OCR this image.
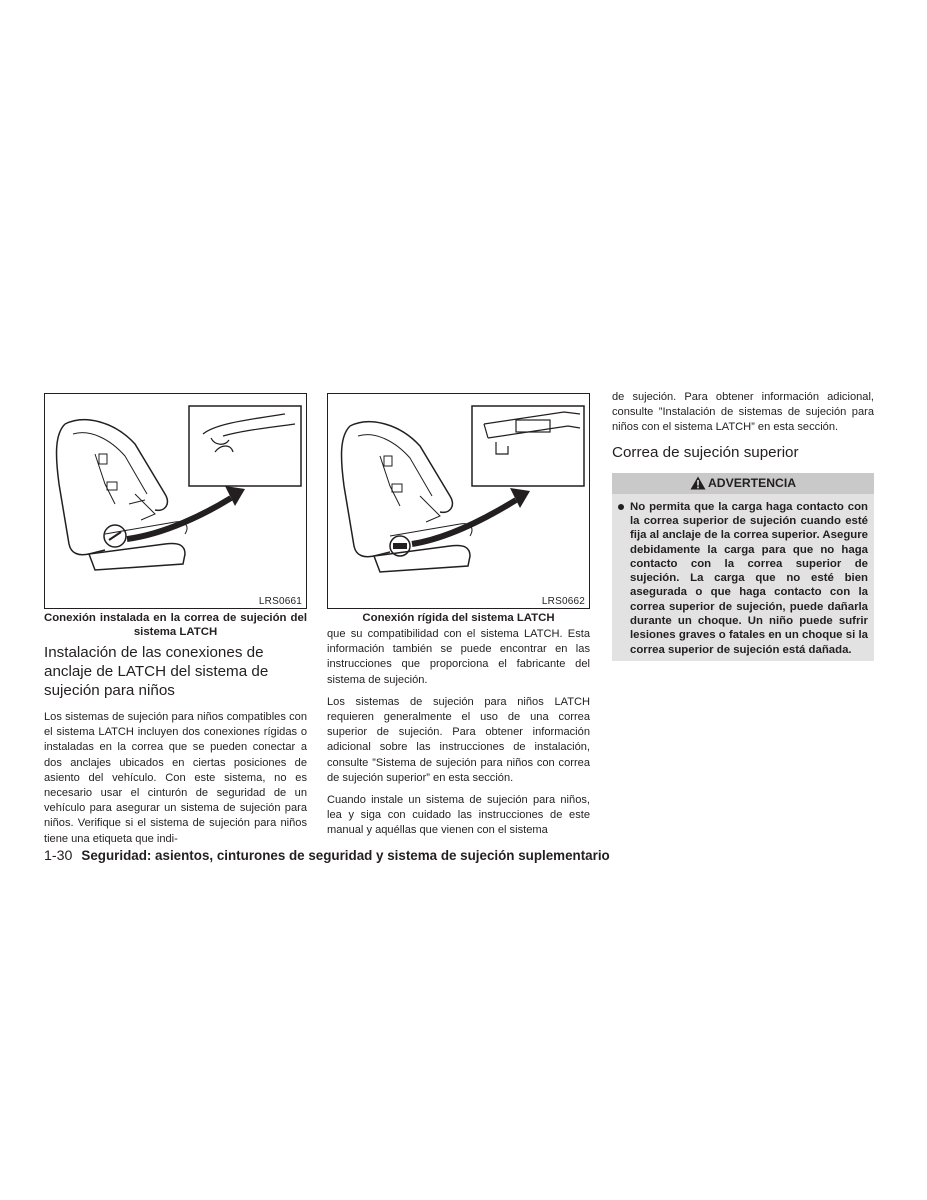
LRS0661
Conexión instalada en la correa de sujeción del sistema LATCH
Instalación de las conexiones de anclaje de LATCH del sistema de sujeción para niños

Los sistemas de sujeción para niños compatibles con el sistema LATCH incluyen dos conexiones rígidas o instaladas en la correa que se pueden conectar a dos anclajes ubicados en ciertas posiciones de asiento del vehículo. Con este sistema, no es necesario usar el cinturón de seguridad de un vehículo para asegurar un sistema de sujeción para niños. Verifique si el sistema de sujeción para niños tiene una etiqueta que indi-

LRS0662
Conexión rígida del sistema LATCH

que su compatibilidad con el sistema LATCH. Esta información también se puede encontrar en las instrucciones que proporciona el fabricante del sistema de sujeción.

Los sistemas de sujeción para niños LATCH requieren generalmente el uso de una correa superior de sujeción. Para obtener información adicional sobre las instrucciones de instalación, consulte ”Sistema de sujeción para niños con correa de sujeción superior” en esta sección.

Cuando instale un sistema de sujeción para niños, lea y siga con cuidado las instrucciones de este manual y aquéllas que vienen con el sistema

de sujeción. Para obtener información adicional, consulte ”Instalación de sistemas de sujeción para niños con el sistema LATCH” en esta sección.

Correa de sujeción superior
ADVERTENCIA

No permita que la carga haga contacto con la correa superior de sujeción cuando esté fija al anclaje de la correa superior. Asegure debidamente la carga para que no haga contacto con la correa superior de sujeción. La carga que no esté bien asegurada o que haga contacto con la correa superior de sujeción, puede dañarla durante un choque. Un niño puede sufrir lesiones graves o fatales en un choque si la correa superior de sujeción está dañada.

1-30 Seguridad: asientos, cinturones de seguridad y sistema de sujeción suplementario
